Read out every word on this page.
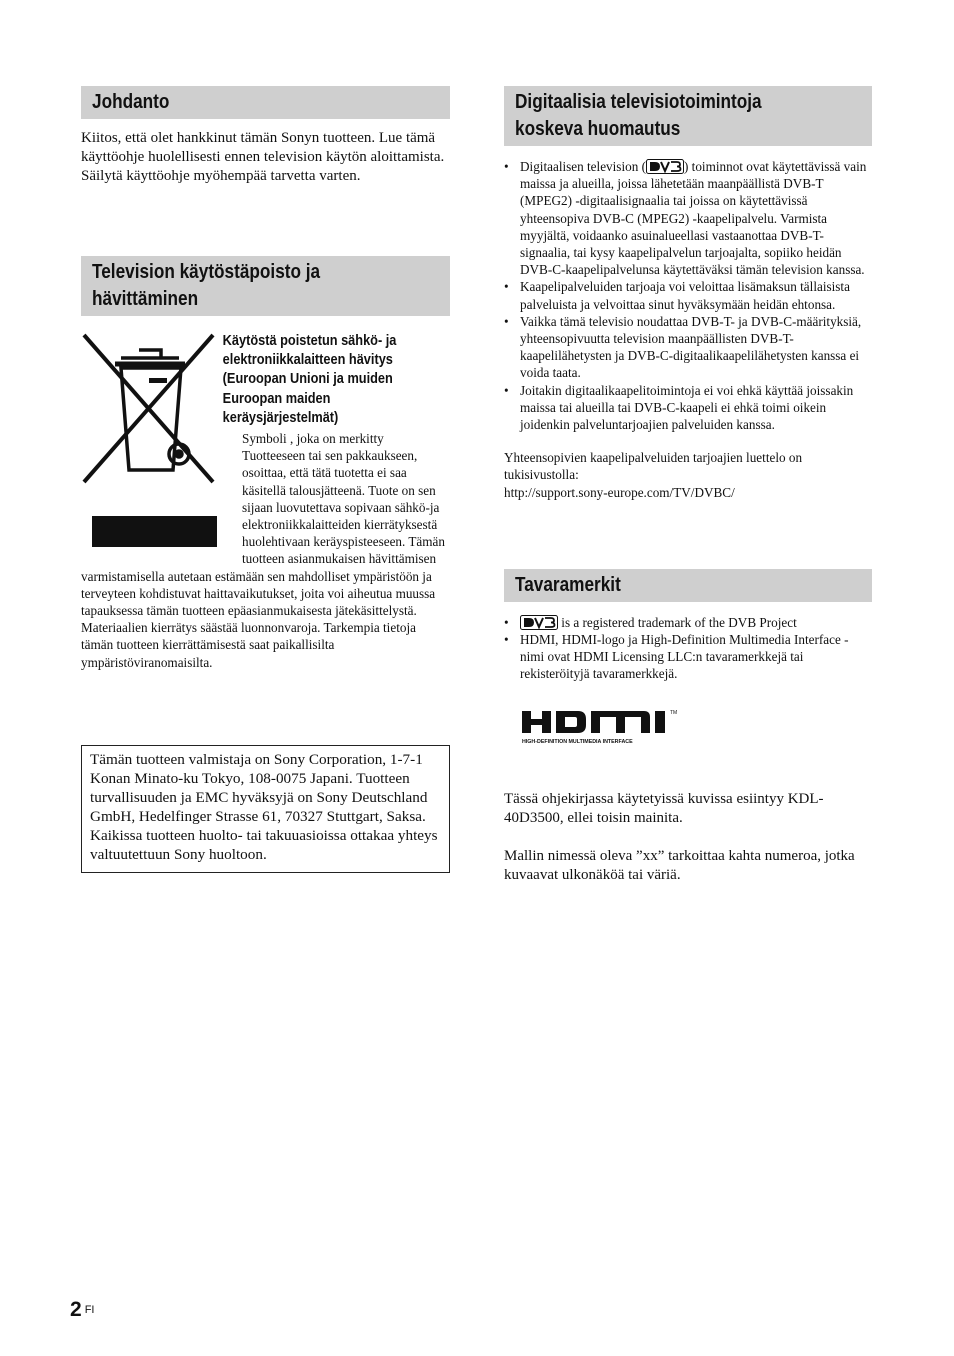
Johdanto

Kiitos, että olet hankkinut tämän Sonyn tuotteen. Lue tämä käyttöohje huolellisesti ennen television käytön aloittamista. Säilytä käyttöohje myöhempää tarvetta varten.

Television käytöstäpoisto ja
hävittäminen
Käytöstä poistetun sähkö- ja
elektroniikkalaitteen hävitys
(Euroopan Unioni ja muiden
Euroopan maiden
keräysjärjestelmät)

Symboli , joka on merkitty Tuotteeseen tai sen pakkaukseen, osoittaa, että tätä tuotetta ei saa käsitellä talousjätteenä. Tuote on sen sijaan luovutettava sopivaan sähkö-ja elektroniikkalaitteiden kierrätyksestä huolehtivaan keräyspisteeseen. Tämän tuotteen asianmukaisen hävittämisen varmistamisella autetaan estämään sen mahdolliset ympäristöön ja terveyteen kohdistuvat haittavaikutukset, joita voi aiheutua muussa tapauksessa tämän tuotteen epäasianmukaisesta jätekäsittelystä. Materiaalien kierrätys säästää luonnonvaroja. Tarkempia tietoja tämän tuotteen kierrättämisestä saat paikallisilta ympäristöviranomaisilta.

Tämän tuotteen valmistaja on Sony Corporation, 1-7-1 Konan Minato-ku Tokyo, 108-0075 Japani. Tuotteen turvallisuuden ja EMC hyväksyjä on Sony Deutschland GmbH, Hedelfinger Strasse 61, 70327 Stuttgart, Saksa. Kaikissa tuotteen huolto- tai takuuasioissa ottakaa yhteys valtuutettuun Sony huoltoon.

Digitaalisia televisiotoimintoja
koskeva huomautus
• Digitaalisen television (	) toiminnot ovat käytettävissä vain maissa ja alueilla, joissa lähetetään maanpäällistä DVB-T (MPEG2) -digitaalisignaalia tai joissa on käytettävissä yhteensopiva DVB-C (MPEG2) -kaapelipalvelu. Varmista myyjältä, voidaanko asuinalueellasi vastaanottaa DVB-T-signaalia, tai kysy kaapelipalvelun tarjoajalta, sopiiko heidän DVB-C-kaapelipalvelunsa käytettäväksi tämän television kanssa.
• Kaapelipalveluiden tarjoaja voi veloittaa lisämaksun tällaisista palveluista ja velvoittaa sinut hyväksymään heidän ehtonsa.
• Vaikka tämä televisio noudattaa DVB-T- ja DVB-C-määrityksiä, yhteensopivuutta television maanpäällisten DVB-T-kaapelilähetysten ja DVB-C-digitaalikaapelilähetysten kanssa ei voida taata.
• Joitakin digitaalikaapelitoimintoja ei voi ehkä käyttää joissakin maissa tai alueilla tai DVB-C-kaapeli ei ehkä toimi oikein joidenkin palveluntarjoajien palveluiden kanssa.

Yhteensopivien kaapelipalveluiden tarjoajien luettelo on tukisivustolla:

http://support.sony-europe.com/TV/DVBC/

Tavaramerkit
• is a registered trademark of the DVB Project
• HDMI, HDMI-logo ja High-Definition Multimedia Interface -nimi ovat HDMI Licensing LLC:n tavaramerkkejä tai rekisteröityjä tavaramerkkejä.
TM
HIGH-DEFINITION MULTIMEDIA INTERFACE

Tässä ohjekirjassa käytetyissä kuvissa esiintyy KDL-40D3500, ellei toisin mainita.

Mallin nimessä oleva ”xx” tarkoittaa kahta numeroa, jotka kuvaavat ulkonäköä tai väriä.

2 FI
